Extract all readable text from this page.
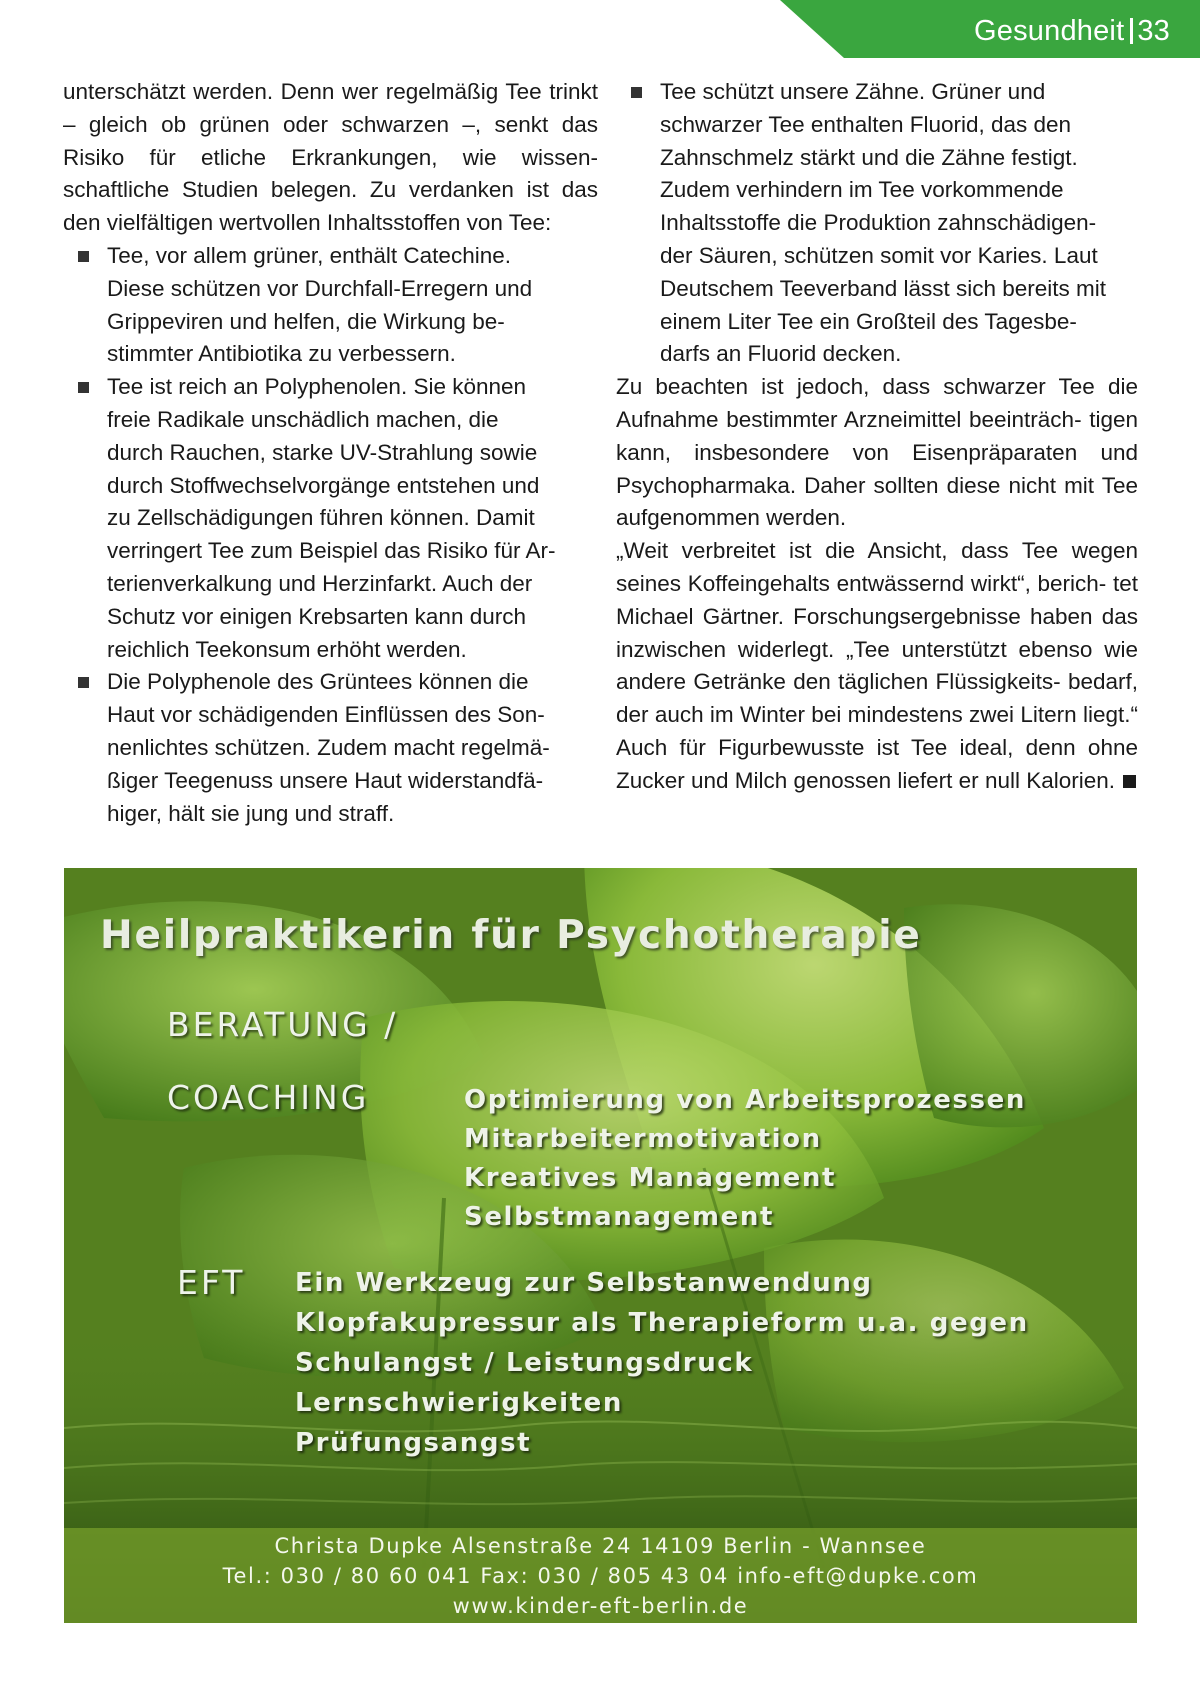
Gesundheit 33
unterschätzt werden. Denn wer regelmäßig Tee trinkt – gleich ob grünen oder schwarzen –, senkt das Risiko für etliche Erkrankungen, wie wissen- schaftliche Studien belegen. Zu verdanken ist das den vielfältigen wertvollen Inhaltsstoffen von Tee:
Tee, vor allem grüner, enthält Catechine.
Diese schützen vor Durchfall-Erregern und
Grippeviren und helfen, die Wirkung be-
stimmter Antibiotika zu verbessern.
Tee ist reich an Polyphenolen. Sie können
freie Radikale unschädlich machen, die
durch Rauchen, starke UV-Strahlung sowie
durch Stoffwechselvorgänge entstehen und
zu Zellschädigungen führen können. Damit
verringert Tee zum Beispiel das Risiko für Ar-
terienverkalkung und Herzinfarkt. Auch der
Schutz vor einigen Krebsarten kann durch
reichlich Teekonsum erhöht werden.
Die Polyphenole des Grüntees können die
Haut vor schädigenden Einflüssen des Son-
nenlichtes schützen. Zudem macht regelmä-
ßiger Teegenuss unsere Haut widerstandfä-
higer, hält sie jung und straff.
Tee schützt unsere Zähne. Grüner und
schwarzer Tee enthalten Fluorid, das den
Zahnschmelz stärkt und die Zähne festigt.
Zudem verhindern im Tee vorkommende
Inhaltsstoffe die Produktion zahnschädigen-
der Säuren, schützen somit vor Karies. Laut
Deutschem Teeverband lässt sich bereits mit
einem Liter Tee ein Großteil des Tagesbe-
darfs an Fluorid decken.
Zu beachten ist jedoch, dass schwarzer Tee die Aufnahme bestimmter Arzneimittel beeinträch- tigen kann, insbesondere von Eisenpräparaten und Psychopharmaka. Daher sollten diese nicht mit Tee aufgenommen werden.
„Weit verbreitet ist die Ansicht, dass Tee wegen seines Koffeingehalts entwässernd wirkt“, berich- tet Michael Gärtner. Forschungsergebnisse haben das inzwischen widerlegt. „Tee unterstützt ebenso wie andere Getränke den täglichen Flüssigkeits- bedarf, der auch im Winter bei mindestens zwei Litern liegt.“ Auch für Figurbewusste ist Tee ideal, denn ohne Zucker und Milch genossen liefert er null Kalorien.
Heilpraktikerin für Psychotherapie
BERATUNG /
COACHING	Optimierung von Arbeitsprozessen
Mitarbeitermotivation
Kreatives Management
Selbstmanagement
EFT Ein Werkzeug zur Selbstanwendung
Klopfakupressur als Therapieform u.a. gegen
Schulangst / Leistungsdruck
Lernschwierigkeiten
Prüfungsangst
Christa Dupke Alsenstraße 24 14109 Berlin - Wannsee
Tel.: 030 / 80 60 041 Fax: 030 / 805 43 04 info-eft@dupke.com
www.kinder-eft-berlin.de
